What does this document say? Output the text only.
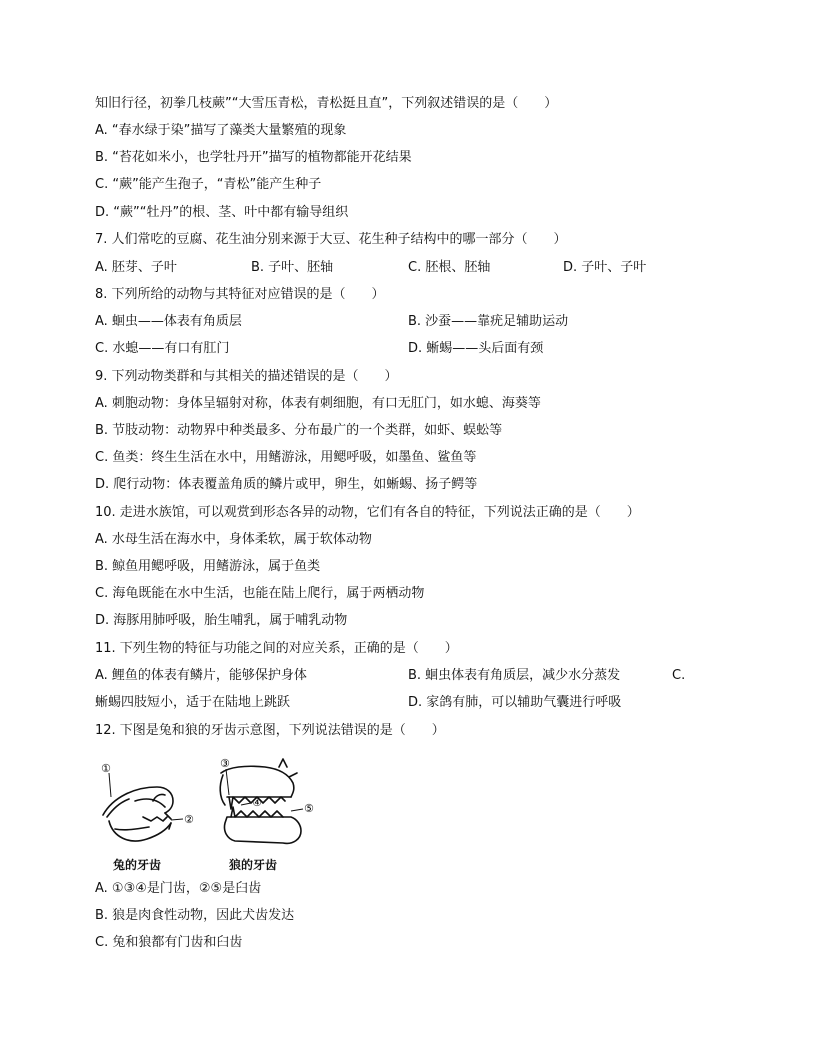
知旧行径，初拳几枝蕨”“大雪压青松，青松挺且直”，下列叙述错误的是（　　）
A. “春水绿于染”描写了藻类大量繁殖的现象
B. “苔花如米小，也学牡丹开”描写的植物都能开花结果
C. “蕨”能产生孢子，“青松”能产生种子
D. “蕨”“牡丹”的根、茎、叶中都有输导组织
7. 人们常吃的豆腐、花生油分别来源于大豆、花生种子结构中的哪一部分（　　）
A. 胚芽、子叶	B. 子叶、胚轴	C. 胚根、胚轴	D. 子叶、子叶
8. 下列所给的动物与其特征对应错误的是（　　）
A. 蛔虫——体表有角质层	B. 沙蚕——靠疣足辅助运动
C. 水螅——有口有肛门	D. 蜥蜴——头后面有颈
9. 下列动物类群和与其相关的描述错误的是（　　）
A. 刺胞动物：身体呈辐射对称，体表有刺细胞，有口无肛门，如水螅、海葵等
B. 节肢动物：动物界中种类最多、分布最广的一个类群，如虾、蜈蚣等
C. 鱼类：终生生活在水中，用鳍游泳，用鳃呼吸，如墨鱼、鲨鱼等
D. 爬行动物：体表覆盖角质的鳞片或甲，卵生，如蜥蜴、扬子鳄等
10. 走进水族馆，可以观赏到形态各异的动物，它们有各自的特征，下列说法正确的是（　　）
A. 水母生活在海水中，身体柔软，属于软体动物
B. 鲸鱼用鳃呼吸，用鳍游泳，属于鱼类
C. 海龟既能在水中生活，也能在陆上爬行，属于两栖动物
D. 海豚用肺呼吸，胎生哺乳，属于哺乳动物
11. 下列生物的特征与功能之间的对应关系，正确的是（　　）
A. 鲤鱼的体表有鳞片，能够保护身体	B. 蛔虫体表有角质层，减少水分蒸发	C.
蜥蜴四肢短小，适于在陆地上跳跃	D. 家鸽有肺，可以辅助气囊进行呼吸
12. 下图是兔和狼的牙齿示意图，下列说法错误的是（　　）
①
②
③
④	⑤
兔的牙齿	狼的牙齿
A. ①③④是门齿，②⑤是臼齿
B. 狼是肉食性动物，因此犬齿发达
C. 兔和狼都有门齿和臼齿
